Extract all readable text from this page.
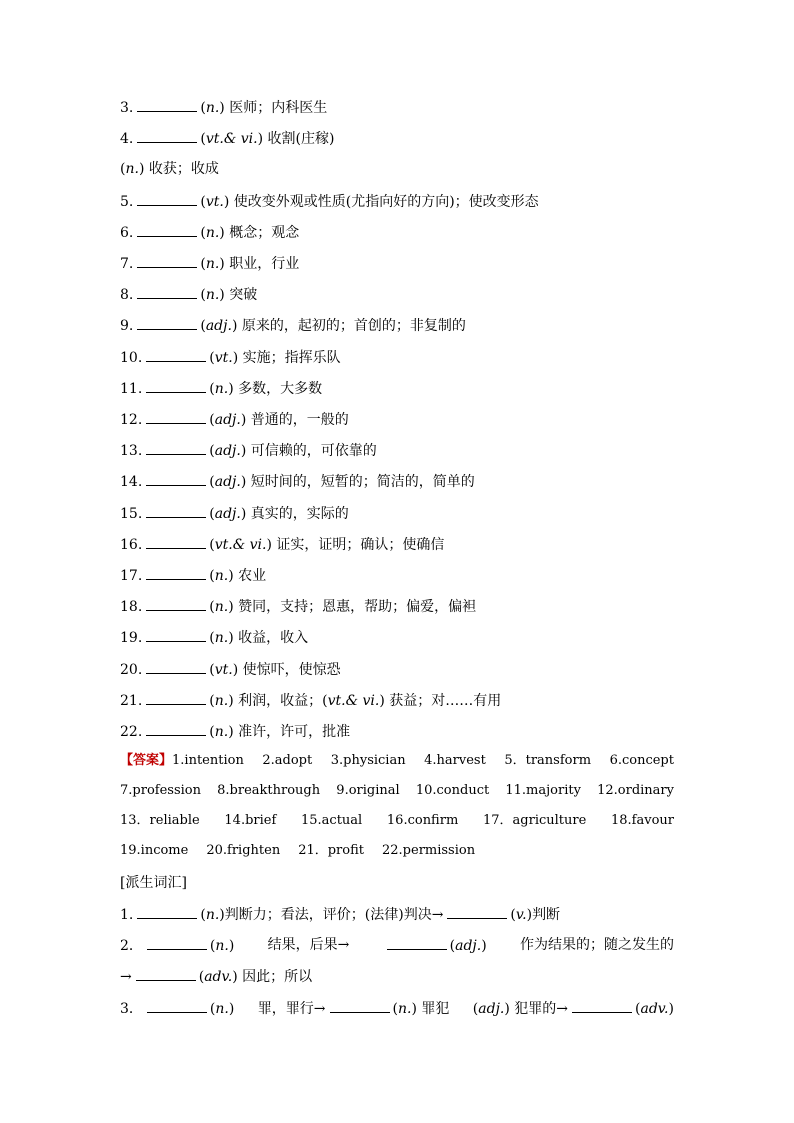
3.	(n.) 医师；内科医生
4.	(vt.& vi.) 收割(庄稼)
(n.) 收获；收成
5.	(vt.) 使改变外观或性质(尤指向好的方向)；使改变形态
6.	(n.) 概念；观念
7.	(n.) 职业，行业
8.	(n.) 突破
9.	(adj.) 原来的，起初的；首创的；非复制的
10.	(vt.) 实施；指挥乐队
11.	(n.) 多数，大多数
12.	(adj.) 普通的，一般的
13.	(adj.) 可信赖的，可依靠的
14.	(adj.) 短时间的，短暂的；简洁的，简单的
15.	(adj.) 真实的，实际的
16.	(vt.& vi.) 证实，证明；确认；使确信
17.	(n.) 农业
18.	(n.) 赞同，支持；恩惠，帮助；偏爱，偏袒
19.	(n.) 收益，收入
20.	(vt.) 使惊吓，使惊恐
21.	(n.) 利润，收益；(vt.& vi.) 获益；对……有用
22.	(n.) 准许，许可，批准
【答案】1.intention 2.adopt 3.physician 4.harvest 5．transform 6.concept
7.profession 8.breakthrough 9.original 10.conduct 11.majority 12.ordinary
13．reliable 14.brief 15.actual 16.confirm 17．agriculture 18.favour
19.income 20.frighten 21．profit 22.permission
[派生词汇]
1.	(n.)判断力；看法，评价；(法律)判决→	(v.)判断
2．	(n.) 结果，后果→	(adj.) 作为结果的；随之发生的
→	(adv.) 因此；所以
3．	(n.) 罪，罪行→	(n.) 罪犯 (adj.) 犯罪的→	(adv.)
